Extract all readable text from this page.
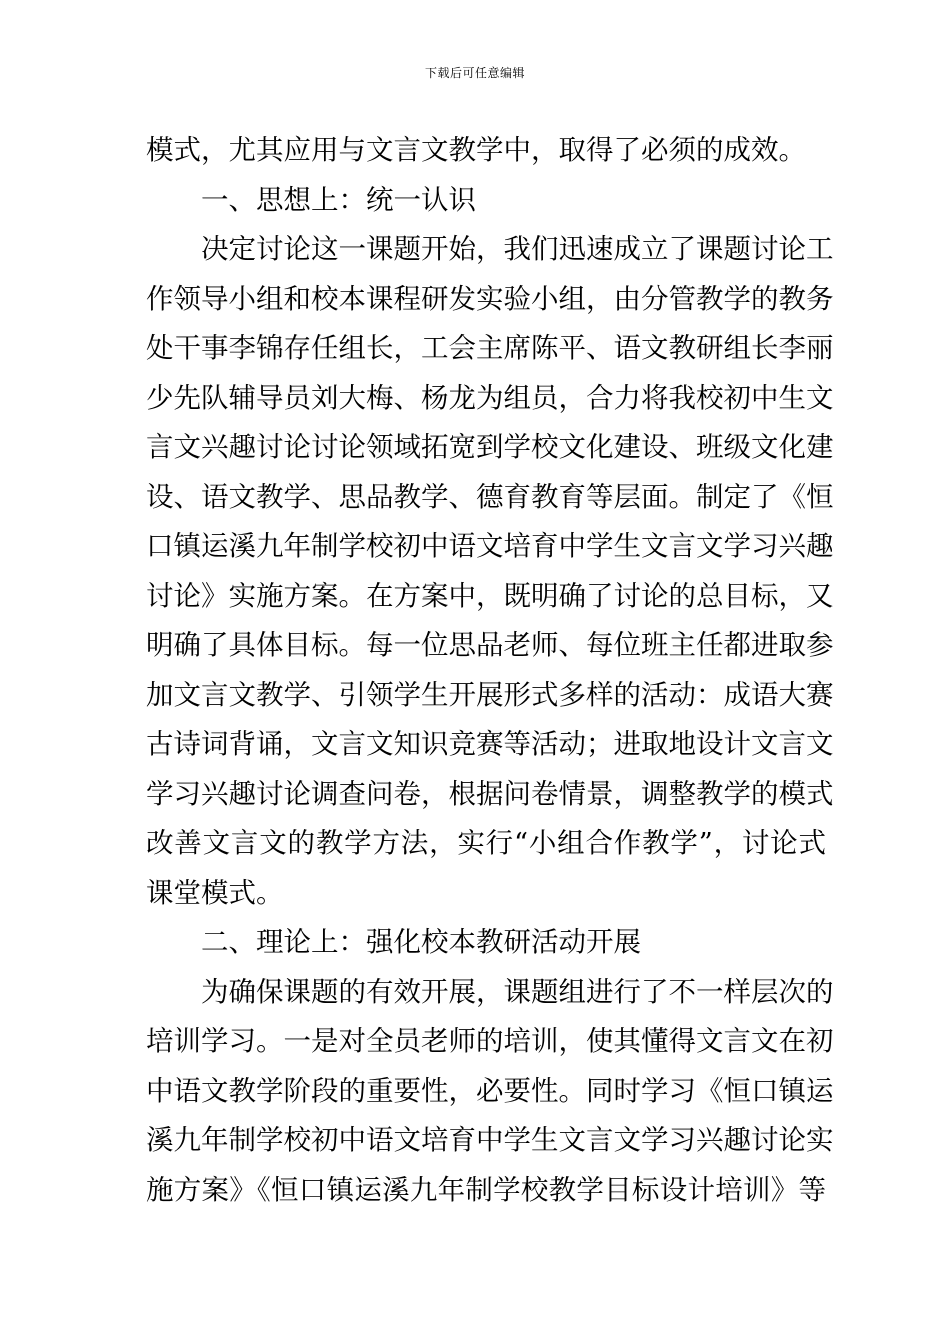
下载后可任意编辑
模式，尤其应用与文言文教学中，取得了必须的成效。
一、思想上：统一认识
决定讨论这一课题开始，我们迅速成立了课题讨论工
作领导小组和校本课程研发实验小组，由分管教学的教务
处干事李锦存任组长，工会主席陈平、语文教研组长李丽
少先队辅导员刘大梅、杨龙为组员，合力将我校初中生文
言文兴趣讨论讨论领域拓宽到学校文化建设、班级文化建
设、语文教学、思品教学、德育教育等层面。制定了《恒
口镇运溪九年制学校初中语文培育中学生文言文学习兴趣
讨论》实施方案。在方案中，既明确了讨论的总目标，又
明确了具体目标。每一位思品老师、每位班主任都进取参
加文言文教学、引领学生开展形式多样的活动：成语大赛
古诗词背诵，文言文知识竞赛等活动；进取地设计文言文
学习兴趣讨论调查问卷，根据问卷情景，调整教学的模式
改善文言文的教学方法，实行“小组合作教学”，讨论式
课堂模式。
二、理论上：强化校本教研活动开展
为确保课题的有效开展，课题组进行了不一样层次的
培训学习。一是对全员老师的培训，使其懂得文言文在初
中语文教学阶段的重要性，必要性。同时学习《恒口镇运
溪九年制学校初中语文培育中学生文言文学习兴趣讨论实
施方案》《恒口镇运溪九年制学校教学目标设计培训》等
